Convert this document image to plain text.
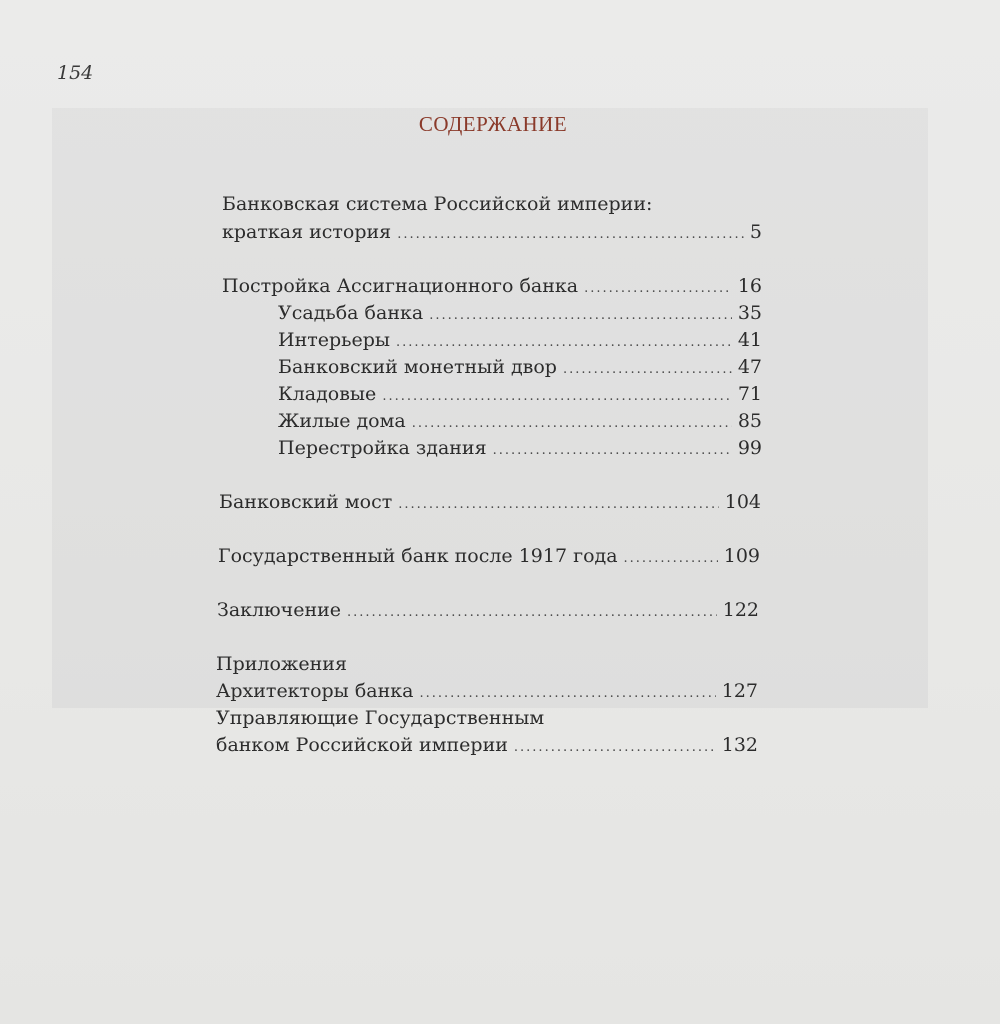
154
СОДЕРЖАНИЕ
Банковская система Российской империи:
краткая история .....	5
Постройка Ассигнационного банка .....	16
Усадьба банка .....	35
Интерьеры .....	41
Банковский монетный двор .....	47
Кладовые .....	71
Жилые дома .....	85
Перестройка здания .....	99
Банковский мост .....	104
Государственный банк после 1917 года .....	109
Заключение .....	122
Приложения
Архитекторы банка .....	127
Управляющие Государственным
банком Российской империи .....	132
